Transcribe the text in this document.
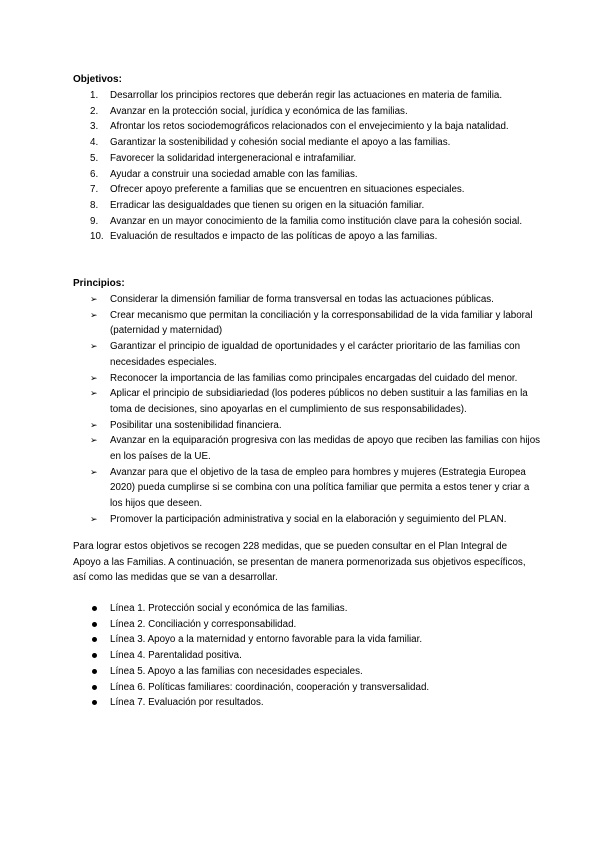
Objetivos:
1. Desarrollar los principios rectores que deberán regir las actuaciones en materia de familia.
2. Avanzar en la protección social, jurídica y económica de las familias.
3. Afrontar los retos sociodemográficos relacionados con el envejecimiento y la baja natalidad.
4. Garantizar la sostenibilidad y cohesión social mediante el apoyo a las familias.
5. Favorecer la solidaridad intergeneracional e intrafamiliar.
6. Ayudar a construir una sociedad amable con las familias.
7. Ofrecer apoyo preferente a familias que se encuentren en situaciones especiales.
8. Erradicar las desigualdades que tienen su origen en la situación familiar.
9. Avanzar en un mayor conocimiento de la familia como institución clave para la cohesión social.
10. Evaluación de resultados e impacto de las políticas de apoyo a las familias.
Principios:
➢ Considerar la dimensión familiar de forma transversal en todas las actuaciones públicas.
➢ Crear mecanismo que permitan la conciliación y la corresponsabilidad de la vida familiar y laboral (paternidad y maternidad)
➢ Garantizar el principio de igualdad de oportunidades y el carácter prioritario de las familias con necesidades especiales.
➢ Reconocer la importancia de las familias como principales encargadas del cuidado del menor.
➢ Aplicar el principio de subsidiariedad (los poderes públicos no deben sustituir a las familias en la toma de decisiones, sino apoyarlas en el cumplimiento de sus responsabilidades).
➢ Posibilitar una sostenibilidad financiera.
➢ Avanzar en la equiparación progresiva con las medidas de apoyo que reciben las familias con hijos en los países de la UE.
➢ Avanzar para que el objetivo de la tasa de empleo para hombres y mujeres (Estrategia Europea 2020) pueda cumplirse si se combina con una política familiar que permita a estos tener y criar a los hijos que deseen.
➢ Promover la participación administrativa y social en la elaboración y seguimiento del PLAN.

Para lograr estos objetivos se recogen 228 medidas, que se pueden consultar en el Plan Integral de Apoyo a las Familias. A continuación, se presentan de manera pormenorizada sus objetivos específicos, así como las medidas que se van a desarrollar.

Línea 1. Protección social y económica de las familias.
Línea 2. Conciliación y corresponsabilidad.
Línea 3. Apoyo a la maternidad y entorno favorable para la vida familiar.
Línea 4. Parentalidad positiva.
Línea 5. Apoyo a las familias con necesidades especiales.
Línea 6. Políticas familiares: coordinación, cooperación y transversalidad.
Línea 7. Evaluación por resultados.
